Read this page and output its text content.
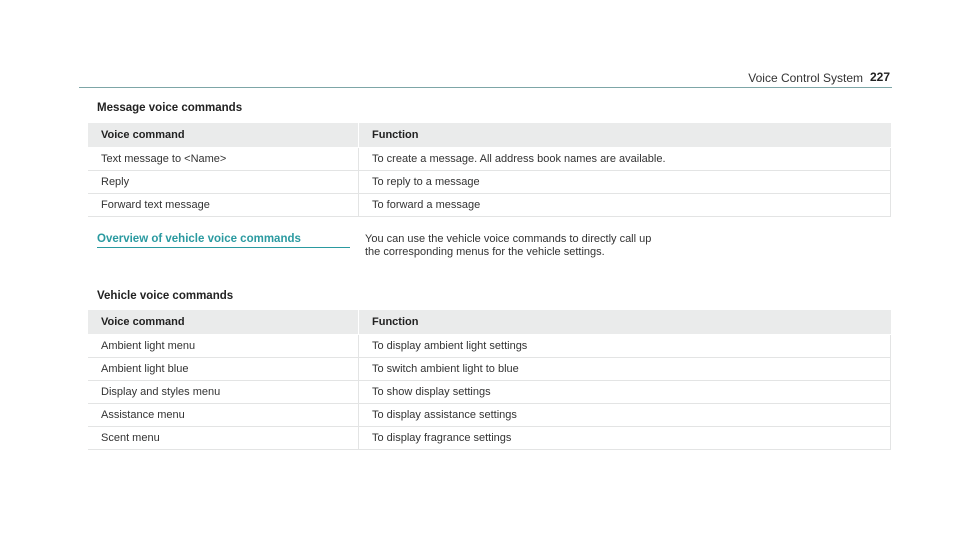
Voice Control System 227
Message voice commands
Voice command	Function
Text message to <Name>	To create a message. All address book names are available.
Reply	To reply to a message
Forward text message	To forward a message
Overview of vehicle voice commands	You can use the vehicle voice commands to directly call up the corresponding menus for the vehicle settings.
Vehicle voice commands
Voice command	Function
Ambient light menu	To display ambient light settings
Ambient light blue	To switch ambient light to blue
Display and styles menu	To show display settings
Assistance menu	To display assistance settings
Scent menu	To display fragrance settings
